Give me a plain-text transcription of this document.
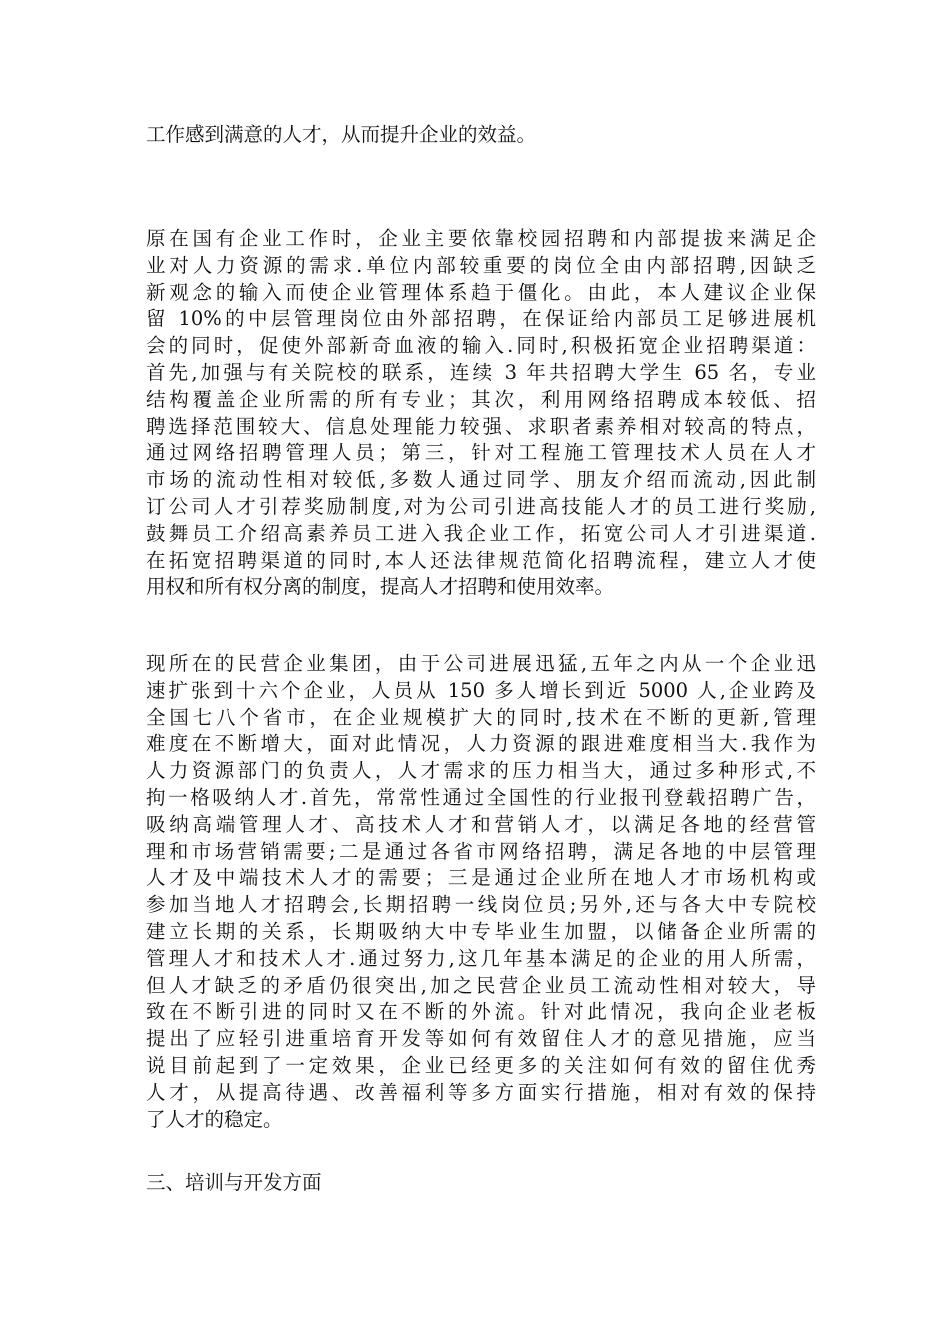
工作感到满意的人才，从而提升企业的效益。
原在国有企业工作时，企业主要依靠校园招聘和内部提拔来满足企
业对人力资源的需求.单位内部较重要的岗位全由内部招聘,因缺乏
新观念的输入而使企业管理体系趋于僵化。由此，本人建议企业保
留 10%的中层管理岗位由外部招聘，在保证给内部员工足够进展机
会的同时，促使外部新奇血液的输入.同时,积极拓宽企业招聘渠道：
首先,加强与有关院校的联系，连续 3 年共招聘大学生 65 名，专业
结构覆盖企业所需的所有专业；其次，利用网络招聘成本较低、招
聘选择范围较大、信息处理能力较强、求职者素养相对较高的特点，
通过网络招聘管理人员；第三，针对工程施工管理技术人员在人才
市场的流动性相对较低,多数人通过同学、朋友介绍而流动,因此制
订公司人才引荐奖励制度,对为公司引进高技能人才的员工进行奖励,
鼓舞员工介绍高素养员工进入我企业工作，拓宽公司人才引进渠道.
在拓宽招聘渠道的同时,本人还法律规范简化招聘流程，建立人才使
用权和所有权分离的制度，提高人才招聘和使用效率。
现所在的民营企业集团，由于公司进展迅猛,五年之内从一个企业迅
速扩张到十六个企业，人员从 150 多人增长到近 5000 人,企业跨及
全国七八个省市，在企业规模扩大的同时,技术在不断的更新,管理
难度在不断增大，面对此情况，人力资源的跟进难度相当大.我作为
人力资源部门的负责人，人才需求的压力相当大，通过多种形式,不
拘一格吸纳人才.首先，常常性通过全国性的行业报刊登载招聘广告，
吸纳高端管理人才、高技术人才和营销人才，以满足各地的经营管
理和市场营销需要;二是通过各省市网络招聘，满足各地的中层管理
人才及中端技术人才的需要；三是通过企业所在地人才市场机构或
参加当地人才招聘会,长期招聘一线岗位员;另外,还与各大中专院校
建立长期的关系，长期吸纳大中专毕业生加盟，以储备企业所需的
管理人才和技术人才.通过努力,这几年基本满足的企业的用人所需，
但人才缺乏的矛盾仍很突出,加之民营企业员工流动性相对较大，导
致在不断引进的同时又在不断的外流。针对此情况，我向企业老板
提出了应轻引进重培育开发等如何有效留住人才的意见措施，应当
说目前起到了一定效果，企业已经更多的关注如何有效的留住优秀
人才，从提高待遇、改善福利等多方面实行措施，相对有效的保持
了人才的稳定。
三、培训与开发方面
